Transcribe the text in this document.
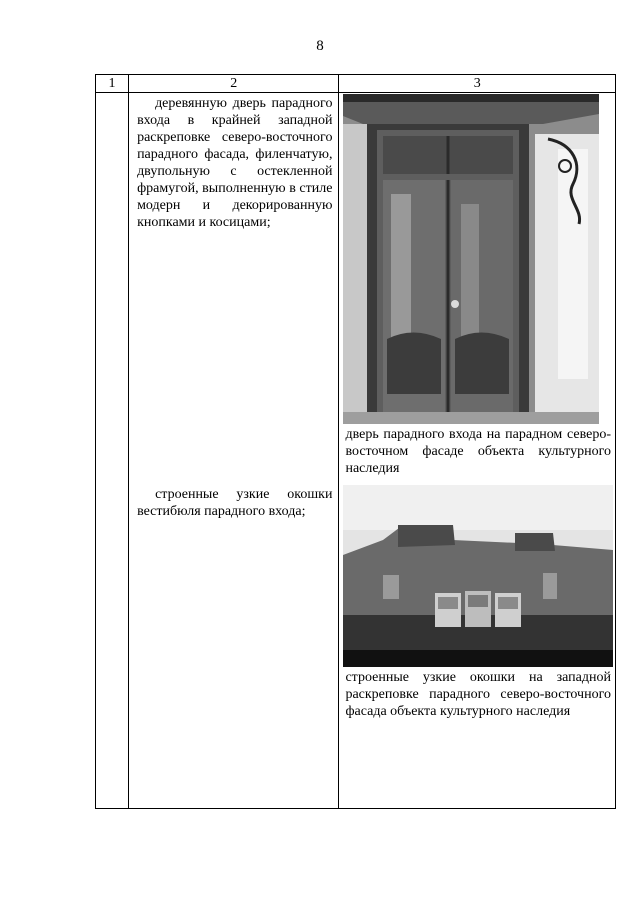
8
1	2	3

	деревянную дверь парадного входа в крайней западной раскреповке северо-восточного парадного фасада, филенчатую, двупольную с остекленной фрамугой, выполненную в стиле модерн и декорированную кнопками и косицами;	дверь парадного входа на парадном северо-восточном фасаде объекта культурного наследия

	строенные узкие окошки вестибюля парадного входа;	строенные узкие окошки на западной раскреповке парадного северо-восточного фасада объекта культурного наследия
